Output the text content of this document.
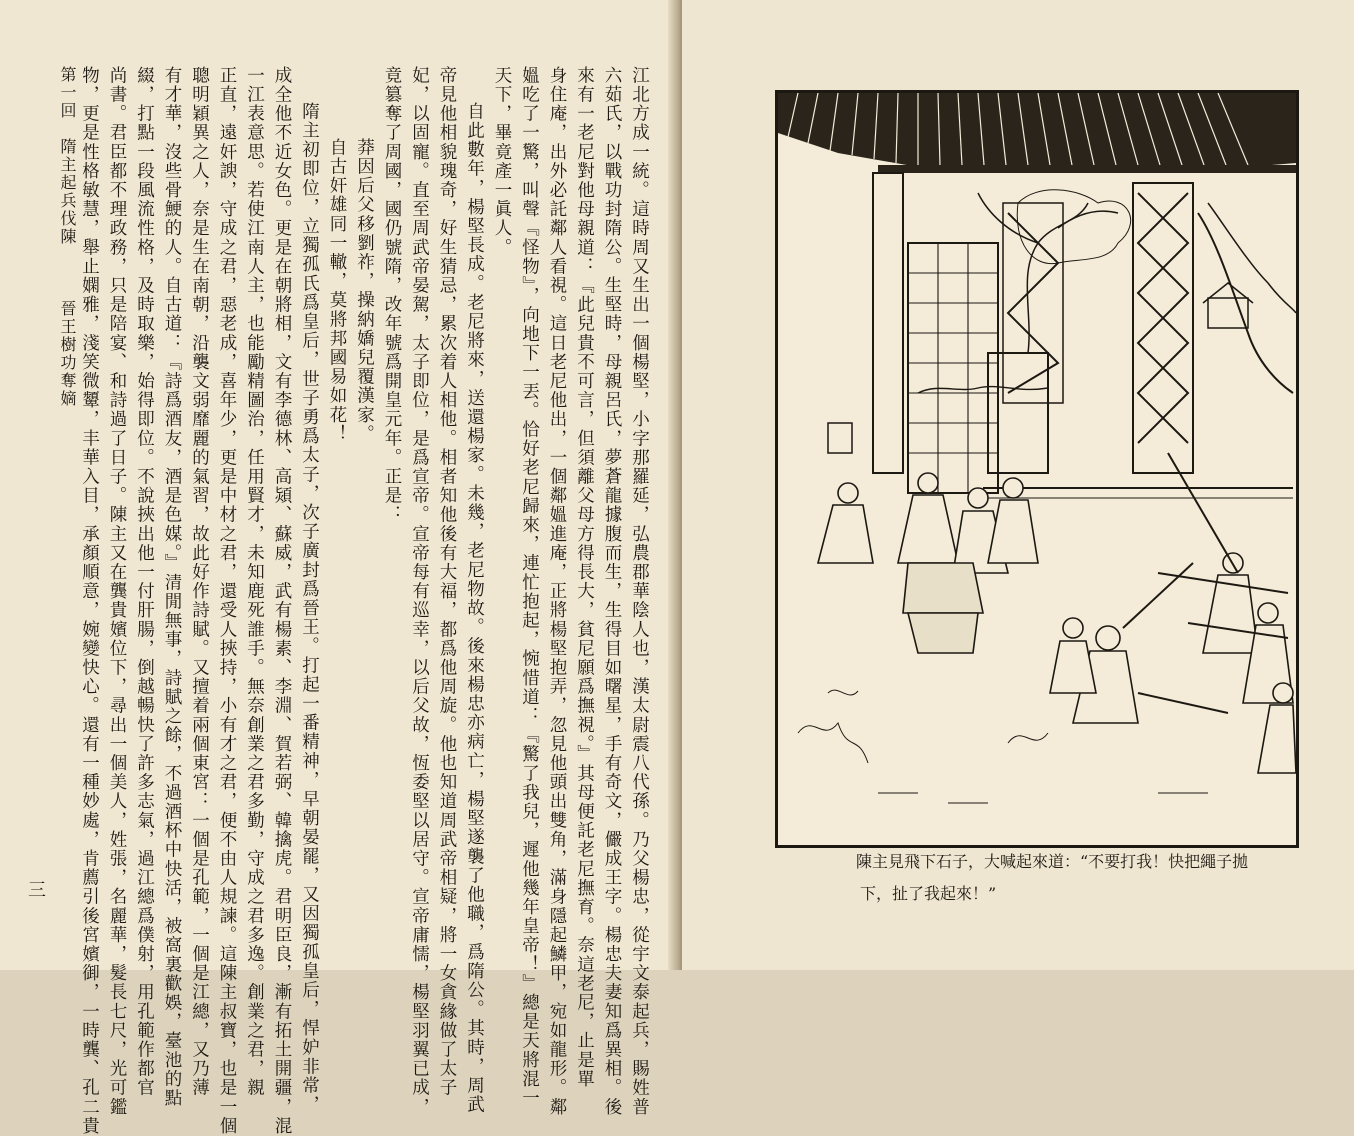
江北方成一統。這時周又生出一個楊堅，小字那羅延，弘農郡華陰人也，漢太尉震八代孫。乃父楊忠，從宇文泰起兵，賜姓普
六茹氏，以戰功封隋公。生堅時，母親呂氏，夢蒼龍據腹而生，生得目如曙星，手有奇文，儼成王字。楊忠夫妻知爲異相。後
來有一老尼對他母親道：『此兒貴不可言，但須離父母方得長大，貧尼願爲撫視。』其母便託老尼撫育。奈這老尼，止是單
身住庵，出外必託鄰人看視。這日老尼他出，一個鄰媼進庵，正將楊堅抱弄，忽見他頭出雙角，滿身隱起鱗甲，宛如龍形。鄰
媼吃了一驚，叫聲『怪物』，向地下一丟。恰好老尼歸來，連忙抱起，惋惜道：『驚了我兒，遲他幾年皇帝！』總是天將混一
天下，畢竟產一眞人。
自此數年，楊堅長成。老尼將來，送還楊家。未幾，老尼物故。後來楊忠亦病亡，楊堅遂襲了他職，爲隋公。其時，周武
帝見他相貌瑰奇，好生猜忌，累次着人相他。相者知他後有大福，都爲他周旋。他也知道周武帝相疑，將一女貪緣做了太子
妃，以固寵。直至周武帝晏駕，太子即位，是爲宣帝。宣帝每有巡幸，以后父故，恆委堅以居守。宣帝庸懦，楊堅羽翼已成，
竟篡奪了周國，國仍號隋，改年號爲開皇元年。正是：
莽因后父移劉祚，操納嬌兒覆漢家。
自古奸雄同一轍，莫將邦國易如花！
隋主初即位，立獨孤氏爲皇后，世子勇爲太子，次子廣封爲晉王。打起一番精神，早朝晏罷，又因獨孤皇后，悍妒非常，
成全他不近女色。更是在朝將相，文有李德林、高熲、蘇威，武有楊素、李淵、賀若弼、韓擒虎。君明臣良，漸有拓土開疆，混
一江表意思。若使江南人主，也能勵精圖治，任用賢才，未知鹿死誰手。無奈創業之君多勤，守成之君多逸。創業之君，親
正直，遠奸諛，守成之君，惡老成，喜年少，更是中材之君，還受人挾持，小有才之君，便不由人規諫。這陳主叔寶，也是一個
聰明穎異之人，奈是生在南朝，沿襲文弱靡麗的氣習，故此好作詩賦。又擅着兩個東宮：一個是孔範，一個是江總，又乃薄
有才華，沒些骨鯁的人。自古道：『詩爲酒友，酒是色媒。』清閒無事，詩賦之餘，不過酒杯中快活，被窩裏歡娛，臺池的點
綴，打點一段風流性格，及時取樂，始得即位。不說挾出他一付肝腸，倒越暢快了許多志氣，過江總爲僕射，用孔範作都官
尚書。君臣都不理政務，只是陪宴、和詩過了日子。陳主又在龔貴嬪位下，尋出一個美人，姓張，名麗華，髮長七尺，光可鑑
物，更是性格敏慧，舉止嫻雅，淺笑微顰，丰華入目，承顏順意，婉變快心。還有一種妙處，肯薦引後宮嬪御，一時龔、孔二貴
第一回　隋主起兵伐陳　　　晉王樹功奪嫡
三
陳主見飛下石子，大喊起來道：“不要打我！快把繩子拋
下，扯了我起來！”
